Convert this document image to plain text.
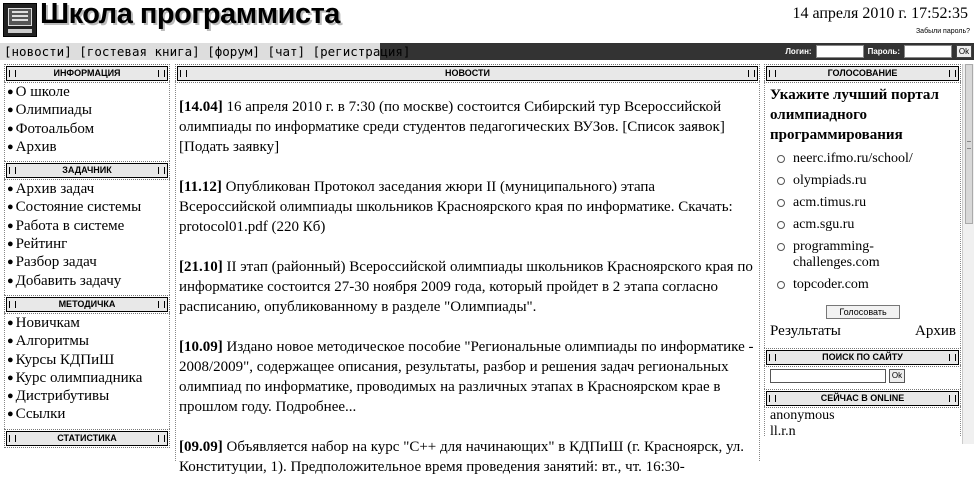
Школа программиста	14 апреля 2010 г. 17:52:35
Забыли пароль?
[новости] [гостевая книга] [форум] [чат] [регистрация]	Логин:	Пароль:	Ok
ИНФОРМАЦИЯ
● О школе
● Олимпиады
● Фотоальбом
● Архив
ЗАДАЧНИК
● Архив задач
● Состояние системы
● Работа в системе
● Рейтинг
● Разбор задач
● Добавить задачу
МЕТОДИЧКА
● Новичкам
● Алгоритмы
● Курсы КДПиШ
● Курс олимпиадника
● Дистрибутивы
● Ссылки
СТАТИСТИКА
НОВОСТИ

[14.04] 16 апреля 2010 г. в 7:30 (по москве) состоится Сибирский тур Всероссийской олимпиады по информатике среди студентов педагогических ВУЗов. [Список заявок] [Подать заявку]

[11.12] Опубликован Протокол заседания жюри II (муниципального) этапа Всероссийской олимпиады школьников Красноярского края по информатике. Скачать: protocol01.pdf (220 Кб)

[21.10] II этап (районный) Всероссийской олимпиады школьников Красноярского края по информатике состоится 27-30 ноября 2009 года, который пройдет в 2 этапа согласно расписанию, опубликованному в разделе "Олимпиады".

[10.09] Издано новое методическое пособие "Региональные олимпиады по информатике - 2008/2009", содержащее описания, результаты, разбор и решения задач региональных олимпиад по информатике, проводимых на различных этапах в Красноярском крае в прошлом году. Подробнее...

[09.09] Объявляется набор на курс "C++ для начинающих" в КДПиШ (г. Красноярск, ул. Конституции, 1). Предположительное время проведения занятий: вт., чт. 16:30-

ГОЛОСОВАНИЕ
Укажите лучший портал олимпиадного программирования
neerc.ifmo.ru/school/
olympiads.ru
acm.timus.ru
acm.sgu.ru
programming-challenges.com
topcoder.com
Голосовать
Результаты	Архив
ПОИСК ПО САЙТУ
Ok
СЕЙЧАС В ONLINE
anonymous
ll.r.n
